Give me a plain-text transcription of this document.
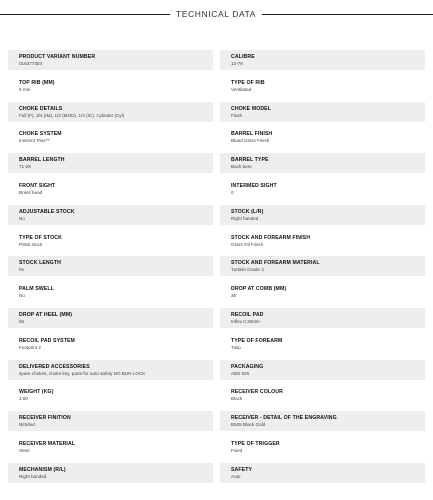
TECHNICAL DATA
PRODUCT VARIANT NUMBER
016377304
CALIBRE
12-76
TOP RIB (MM)
6 mm
TYPE OF RIB
Ventilated
CHOKE DETAILS
Full (F), 3/4 (IM), 1/2 (MOD), 1/4 (IC), Cylinder (Cyl)
CHOKE MODEL
Flush
CHOKE SYSTEM
Invector Plus™
BARREL FINISH
Blued Gloss Finish
BARREL LENGTH
71-28
BARREL TYPE
Back bore
FRONT SIGHT
Brass bead
INTERMED SIGHT
0
ADJUSTABLE STOCK
No
STOCK (L/R)
Right handed
TYPE OF STOCK
Pistol stock
STOCK AND FOREARM FINISH
Gloss Oil Finish
STOCK LENGTH
hs
STOCK AND FOREARM MATERIAL
Turkish Grade 3
PALM SWELL
No
DROP AT COMB (MM)
36
DROP AT HEEL (MM)
56
RECOIL PAD
Inflex II 20mm
RECOIL PAD SYSTEM
Footprint 2
TYPE OF FOREARM
Tulip
DELIVERED ACCESSORIES
spare chokes, choke key, parts for auto safety NO BUN LOCK
PACKAGING
ABS 525
WEIGHT (KG)
3.50
RECEIVER COLOUR
Black
RECEIVER FINITION
Nitrided
RECEIVER - DETAIL OF THE ENGRAVING
B525 Black Gold
RECEIVER MATERIAL
Steel
TYPE OF TRIGGER
Fixed
MECHANISM (R/L)
Right handed
SAFETY
Auto
